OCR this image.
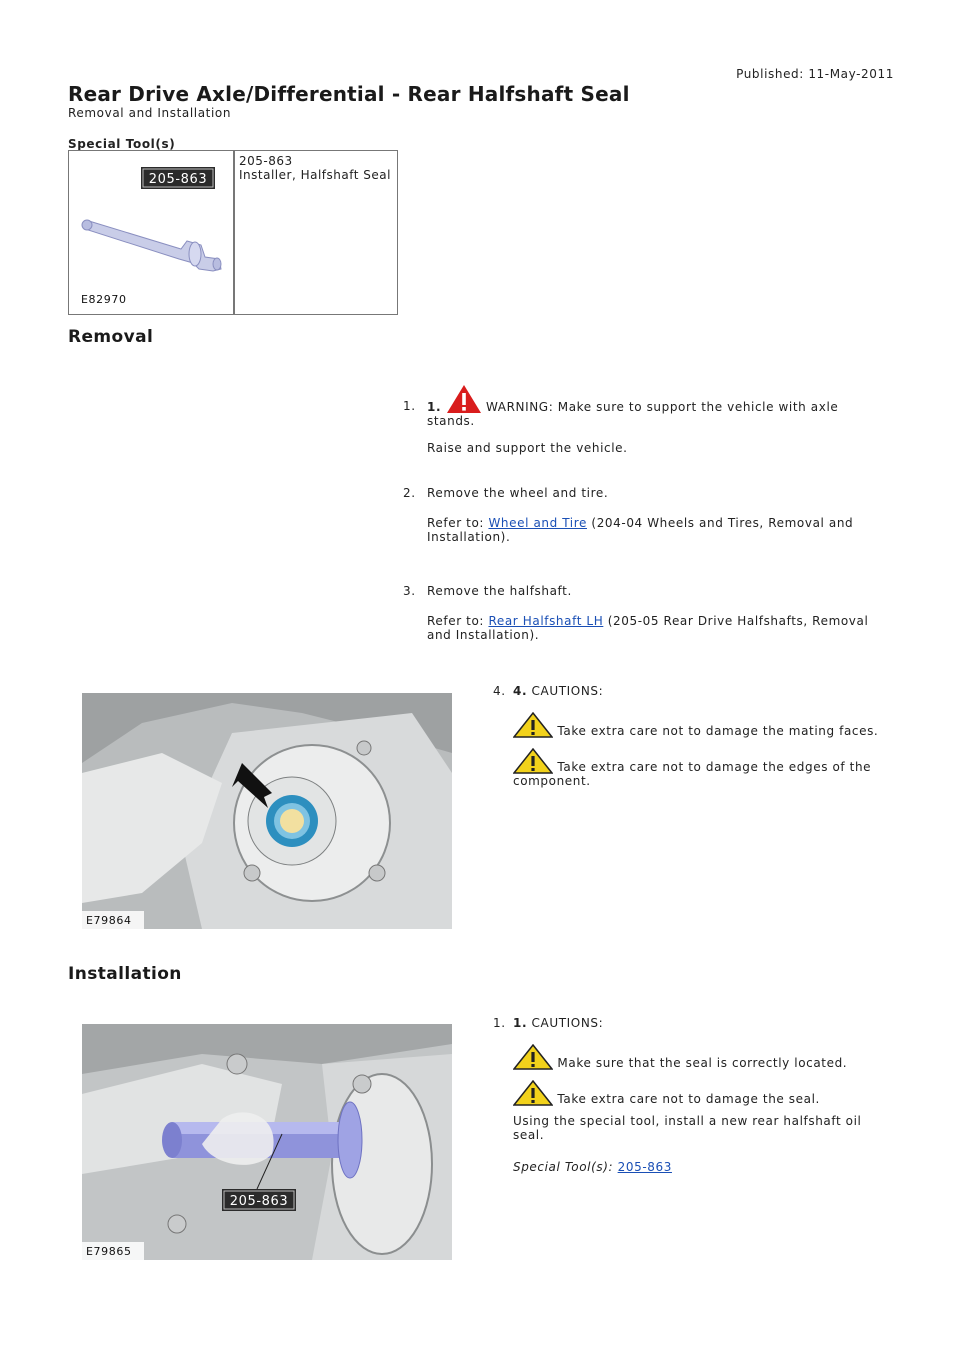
Published: 11-May-2011
Rear Drive Axle/Differential - Rear Halfshaft Seal
Removal and Installation
Special Tool(s)
205-863
E82970
205-863
Installer, Halfshaft Seal
Removal
1. 1.	WARNING: Make sure to support the vehicle with axle stands.
Raise and support the vehicle.
2. Remove the wheel and tire.
Refer to: Wheel and Tire (204-04 Wheels and Tires, Removal and Installation).
3. Remove the halfshaft.
Refer to: Rear Halfshaft LH (205-05 Rear Drive Halfshafts, Removal and Installation).
E79864
4. 4. CAUTIONS:
Take extra care not to damage the mating faces.
Take extra care not to damage the edges of the component.
Installation
205-863
E79865
1. 1. CAUTIONS:
Make sure that the seal is correctly located.
Take extra care not to damage the seal.
Using the special tool, install a new rear halfshaft oil seal.
Special Tool(s): 205-863
